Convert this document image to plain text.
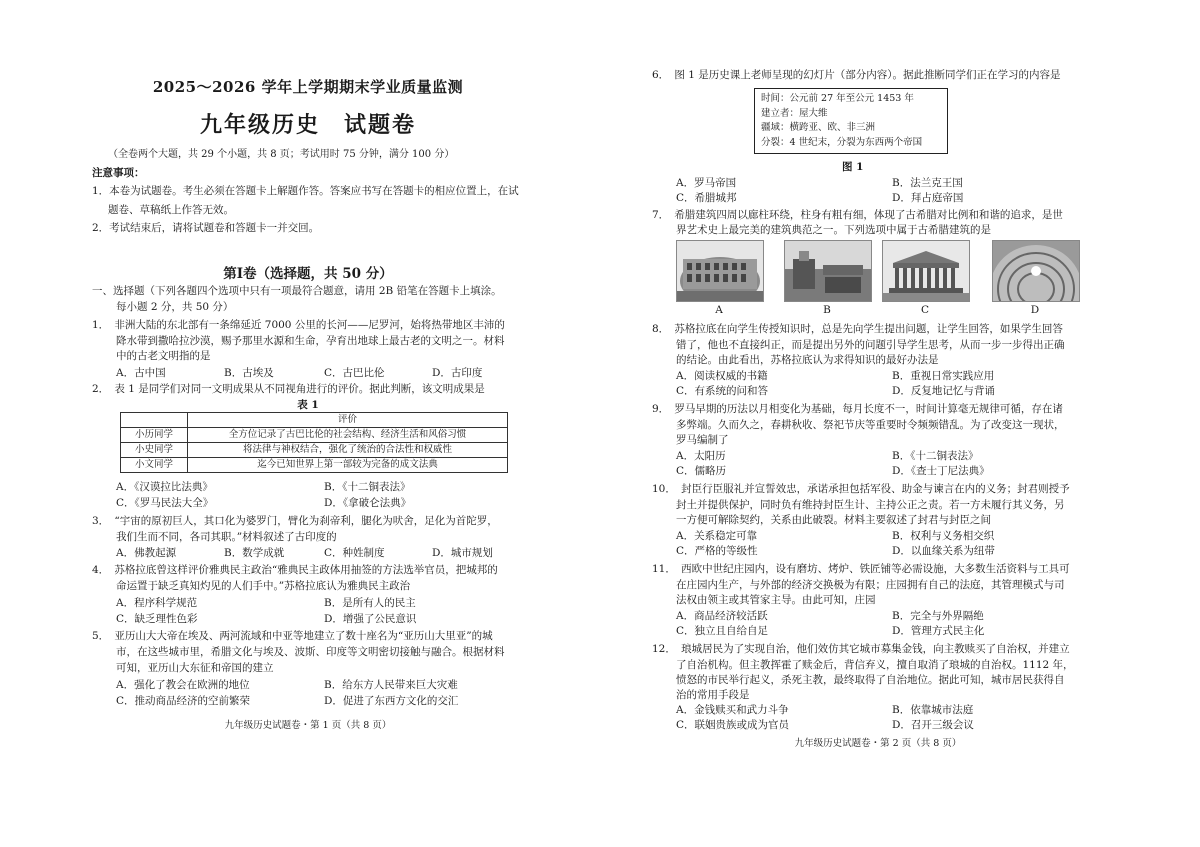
2025～2026 学年上学期期末学业质量监测
九年级历史　试题卷
（全卷两个大题，共 29 个小题，共 8 页；考试用时 75 分钟，满分 100 分）
注意事项：
1．本卷为试题卷。考生必须在答题卡上解题作答。答案应书写在答题卡的相应位置上，在试
题卷、草稿纸上作答无效。
2．考试结束后，请将试题卷和答题卡一并交回。
第Ⅰ卷（选择题，共 50 分）
一、选择题（下列各题四个选项中只有一项最符合题意，请用 2B 铅笔在答题卡上填涂。
每小题 2 分，共 50 分）
1．　非洲大陆的东北部有一条绵延近 7000 公里的长河——尼罗河，始将热带地区丰沛的
降水带到撒哈拉沙漠，赐予那里水源和生命，孕育出地球上最古老的文明之一。材料
中的古老文明指的是
A．古中国	B．古埃及	C．古巴比伦	D．古印度
2．　表 1 是同学们对同一文明成果从不同视角进行的评价。据此判断，该文明成果是
表 1
	评价
小历同学	全方位记录了古巴比伦的社会结构、经济生活和风俗习惯
小史同学	将法律与神权结合，强化了统治的合法性和权威性
小文同学	迄今已知世界上第一部较为完备的成文法典
A．《汉谟拉比法典》	B．《十二铜表法》
C．《罗马民法大全》	D．《拿破仑法典》
3．　“宇宙的原初巨人，其口化为婆罗门，臂化为刹帝利，腿化为吠舍，足化为首陀罗，
我们生而不同，各司其职。”材料叙述了古印度的
A．佛教起源	B．数学成就	C．种姓制度	D．城市规划
4．　苏格拉底曾这样评价雅典民主政治“雅典民主政体用抽签的方法选举官员，把城邦的
命运置于缺乏真知灼见的人们手中。”苏格拉底认为雅典民主政治
A．程序科学规范	B．是所有人的民主
C．缺乏理性色彩	D．增强了公民意识
5．　亚历山大大帝在埃及、两河流域和中亚等地建立了数十座名为“亚历山大里亚”的城
市，在这些城市里，希腊文化与埃及、波斯、印度等文明密切接触与融合。根据材料
可知，亚历山大东征和帝国的建立
A．强化了教会在欧洲的地位	B．给东方人民带来巨大灾难
C．推动商品经济的空前繁荣	D．促进了东西方文化的交汇
九年级历史试题卷・第 1 页（共 8 页）
6．　图 1 是历史课上老师呈现的幻灯片（部分内容）。据此推断同学们正在学习的内容是
时间：公元前 27 年至公元 1453 年
建立者：屋大维
疆域：横跨亚、欧、非三洲
分裂：4 世纪末，分裂为东西两个帝国
图 1
A．罗马帝国	B．法兰克王国
C．希腊城邦	D．拜占庭帝国
7．　希腊建筑四周以廊柱环绕，柱身有粗有细，体现了古希腊对比例和和谐的追求，是世
界艺术史上最完美的建筑典范之一。下列选项中属于古希腊建筑的是
A	B	C	D
8．　苏格拉底在向学生传授知识时，总是先向学生提出问题，让学生回答，如果学生回答
错了，他也不直接纠正，而是提出另外的问题引导学生思考，从而一步一步得出正确
的结论。由此看出，苏格拉底认为求得知识的最好办法是
A．阅读权威的书籍	B．重视日常实践应用
C．有系统的问和答	D．反复地记忆与背诵
9．　罗马早期的历法以月相变化为基础，每月长度不一，时间计算毫无规律可循，存在诸
多弊端。久而久之，春耕秋收、祭祀节庆等重要时令频频错乱。为了改变这一现状，
罗马编制了
A．太阳历	B．《十二铜表法》
C．儒略历	D．《查士丁尼法典》
10．　封臣行臣服礼并宣誓效忠，承诺承担包括军役、助金与谏言在内的义务；封君则授予
封土并提供保护，同时负有维持封臣生计、主持公正之责。若一方未履行其义务，另
一方便可解除契约，关系由此破裂。材料主要叙述了封君与封臣之间
A．关系稳定可靠	B．权利与义务相交织
C．严格的等级性	D．以血缘关系为纽带
11．　西欧中世纪庄园内，设有磨坊、烤炉、铁匠铺等必需设施，大多数生活资料与工具可
在庄园内生产，与外部的经济交换极为有限；庄园拥有自己的法庭，其管理模式与司
法权由领主或其管家主导。由此可知，庄园
A．商品经济较活跃	B．完全与外界隔绝
C．独立且自给自足	D．管理方式民主化
12．　琅城居民为了实现自治，他们效仿其它城市募集金钱，向主教赎买了自治权，并建立
了自治机构。但主教挥霍了赎金后，背信弃义，擅自取消了琅城的自治权。1112 年，
愤怒的市民举行起义，杀死主教，最终取得了自治地位。据此可知，城市居民获得自
治的常用手段是
A．金钱赎买和武力斗争	B．依靠城市法庭
C．联姻贵族或成为官员	D．召开三级会议
九年级历史试题卷・第 2 页（共 8 页）
